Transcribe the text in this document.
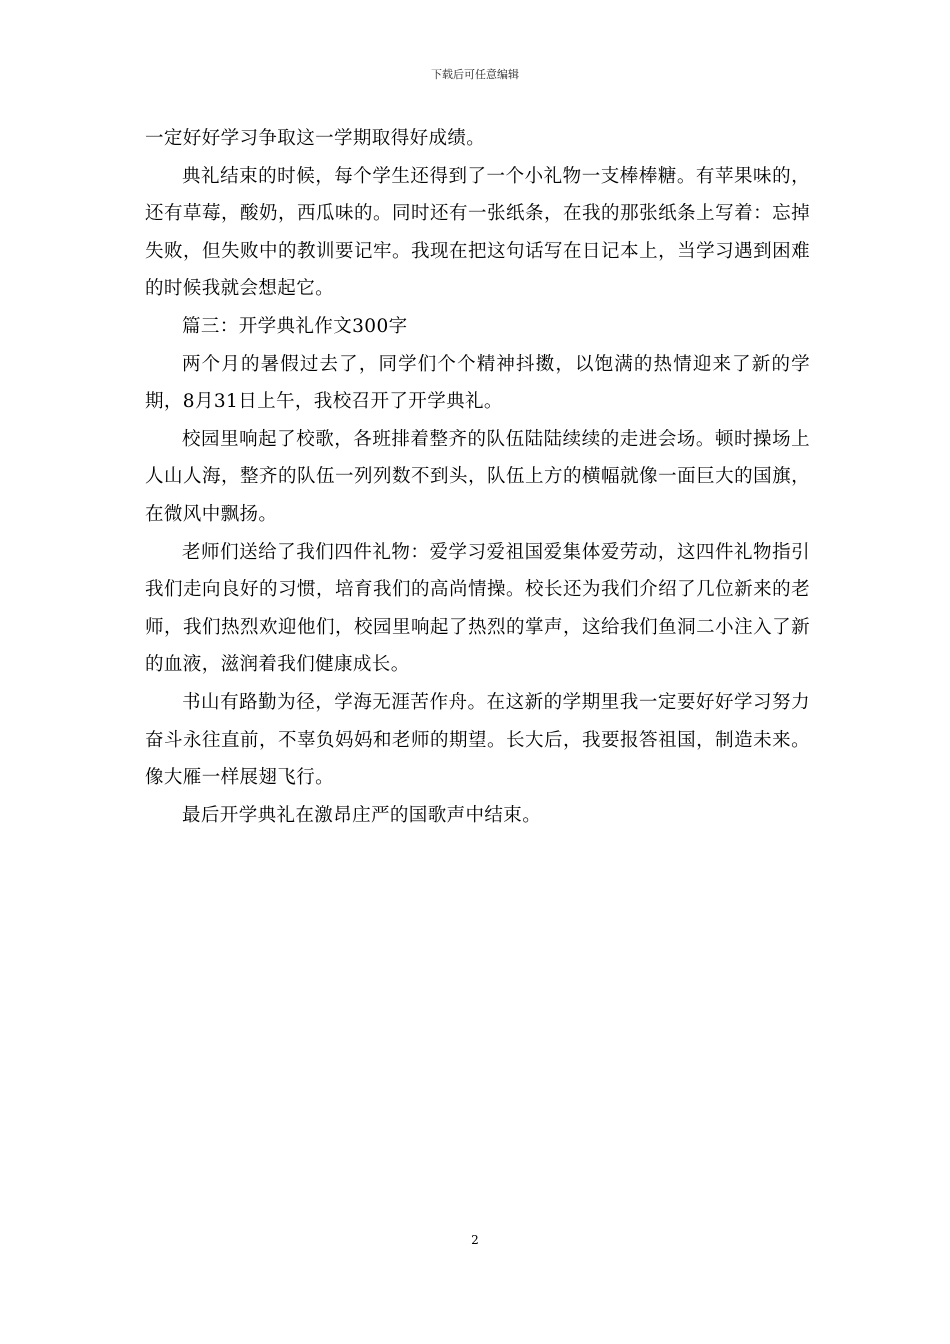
下载后可任意编辑

一定好好学习争取这一学期取得好成绩。

典礼结束的时候，每个学生还得到了一个小礼物一支棒棒糖。有苹果味的，还有草莓，酸奶，西瓜味的。同时还有一张纸条，在我的那张纸条上写着：忘掉失败，但失败中的教训要记牢。我现在把这句话写在日记本上，当学习遇到困难的时候我就会想起它。

篇三：开学典礼作文300字

两个月的暑假过去了，同学们个个精神抖擞，以饱满的热情迎来了新的学期，8月31日上午，我校召开了开学典礼。

校园里响起了校歌，各班排着整齐的队伍陆陆续续的走进会场。顿时操场上人山人海，整齐的队伍一列列数不到头，队伍上方的横幅就像一面巨大的国旗，在微风中飘扬。

老师们送给了我们四件礼物：爱学习爱祖国爱集体爱劳动，这四件礼物指引我们走向良好的习惯，培育我们的高尚情操。校长还为我们介绍了几位新来的老师，我们热烈欢迎他们，校园里响起了热烈的掌声，这给我们鱼洞二小注入了新的血液，滋润着我们健康成长。

书山有路勤为径，学海无涯苦作舟。在这新的学期里我一定要好好学习努力奋斗永往直前，不辜负妈妈和老师的期望。长大后，我要报答祖国，制造未来。像大雁一样展翅飞行。

最后开学典礼在激昂庄严的国歌声中结束。

2
